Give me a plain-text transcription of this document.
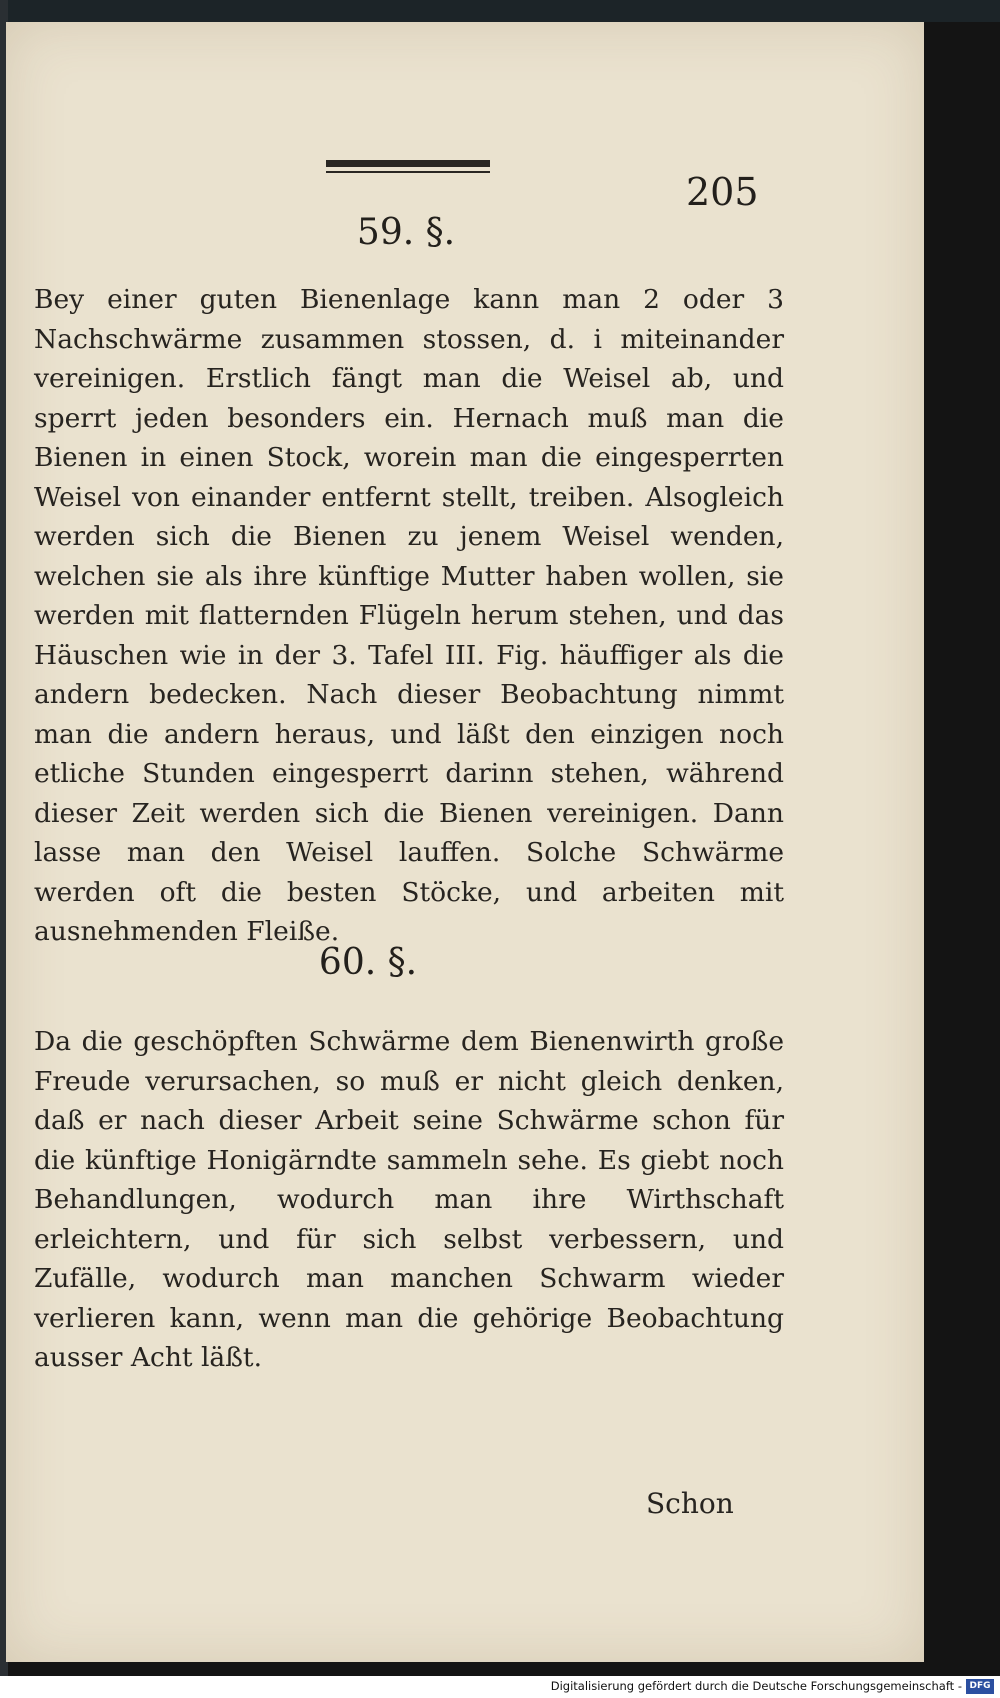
205
59. §.
Bey einer guten Bienenlage kann man 2 oder 3 Nachschwärme zusammen stossen, d. i miteinander vereinigen. Erstlich fängt man die Weisel ab, und sperrt jeden besonders ein. Hernach muß man die Bienen in einen Stock, worein man die eingesperrten Weisel von einander entfernt stellt, treiben. Alsogleich werden sich die Bienen zu jenem Weisel wenden, welchen sie als ihre künftige Mutter haben wollen, sie werden mit flatternden Flügeln herum stehen, und das Häuschen wie in der 3. Tafel III. Fig. häuffiger als die andern bedecken. Nach dieser Beobachtung nimmt man die andern heraus, und läßt den einzigen noch etliche Stunden eingesperrt darinn stehen, während dieser Zeit werden sich die Bienen vereinigen. Dann lasse man den Weisel lauffen. Solche Schwärme werden oft die besten Stöcke, und arbeiten mit ausnehmenden Fleiße.
60. §.
Da die geschöpften Schwärme dem Bienenwirth große Freude verursachen, so muß er nicht gleich denken, daß er nach dieser Arbeit seine Schwärme schon für die künftige Honigärndte sammeln sehe. Es giebt noch Behandlungen, wodurch man ihre Wirthschaft erleichtern, und für sich selbst verbessern, und Zufälle, wodurch man manchen Schwarm wieder verlieren kann, wenn man die gehörige Beobachtung ausser Acht läßt.
Schon
Digitalisierung gefördert durch die Deutsche Forschungsgemeinschaft - DFG
